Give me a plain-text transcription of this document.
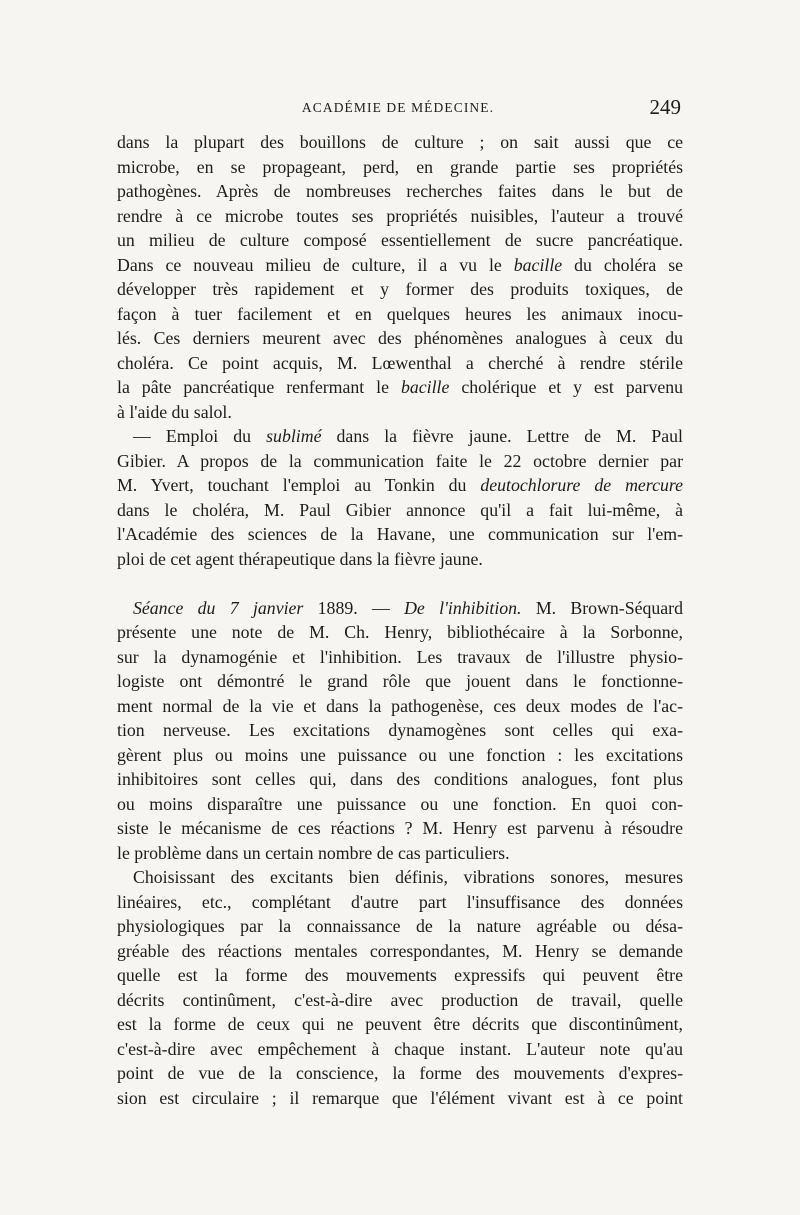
ACADÉMIE DE MÉDECINE.	249
dans la plupart des bouillons de culture ; on sait aussi que ce
microbe, en se propageant, perd, en grande partie ses propriétés
pathogènes. Après de nombreuses recherches faites dans le but de
rendre à ce microbe toutes ses propriétés nuisibles, l'auteur a trouvé
un milieu de culture composé essentiellement de sucre pancréatique.
Dans ce nouveau milieu de culture, il a vu le bacille du choléra se
développer très rapidement et y former des produits toxiques, de
façon à tuer facilement et en quelques heures les animaux inocu-
lés. Ces derniers meurent avec des phénomènes analogues à ceux du
choléra. Ce point acquis, M. Lœwenthal a cherché à rendre stérile
la pâte pancréatique renfermant le bacille cholérique et y est parvenu
à l'aide du salol.
— Emploi du sublimé dans la fièvre jaune. Lettre de M. Paul
Gibier. A propos de la communication faite le 22 octobre dernier par
M. Yvert, touchant l'emploi au Tonkin du deutochlorure de mercure
dans le choléra, M. Paul Gibier annonce qu'il a fait lui-même, à
l'Académie des sciences de la Havane, une communication sur l'em-
ploi de cet agent thérapeutique dans la fièvre jaune.
Séance du 7 janvier 1889. — De l'inhibition. M. Brown-Séquard
présente une note de M. Ch. Henry, bibliothécaire à la Sorbonne,
sur la dynamogénie et l'inhibition. Les travaux de l'illustre physio-
logiste ont démontré le grand rôle que jouent dans le fonctionne-
ment normal de la vie et dans la pathogenèse, ces deux modes de l'ac-
tion nerveuse. Les excitations dynamogènes sont celles qui exa-
gèrent plus ou moins une puissance ou une fonction : les excitations
inhibitoires sont celles qui, dans des conditions analogues, font plus
ou moins disparaître une puissance ou une fonction. En quoi con-
siste le mécanisme de ces réactions ? M. Henry est parvenu à résoudre
le problème dans un certain nombre de cas particuliers.
Choisissant des excitants bien définis, vibrations sonores, mesures
linéaires, etc., complétant d'autre part l'insuffisance des données
physiologiques par la connaissance de la nature agréable ou désa-
gréable des réactions mentales correspondantes, M. Henry se demande
quelle est la forme des mouvements expressifs qui peuvent être
décrits continûment, c'est-à-dire avec production de travail, quelle
est la forme de ceux qui ne peuvent être décrits que discontinûment,
c'est-à-dire avec empêchement à chaque instant. L'auteur note qu'au
point de vue de la conscience, la forme des mouvements d'expres-
sion est circulaire ; il remarque que l'élément vivant est à ce point
